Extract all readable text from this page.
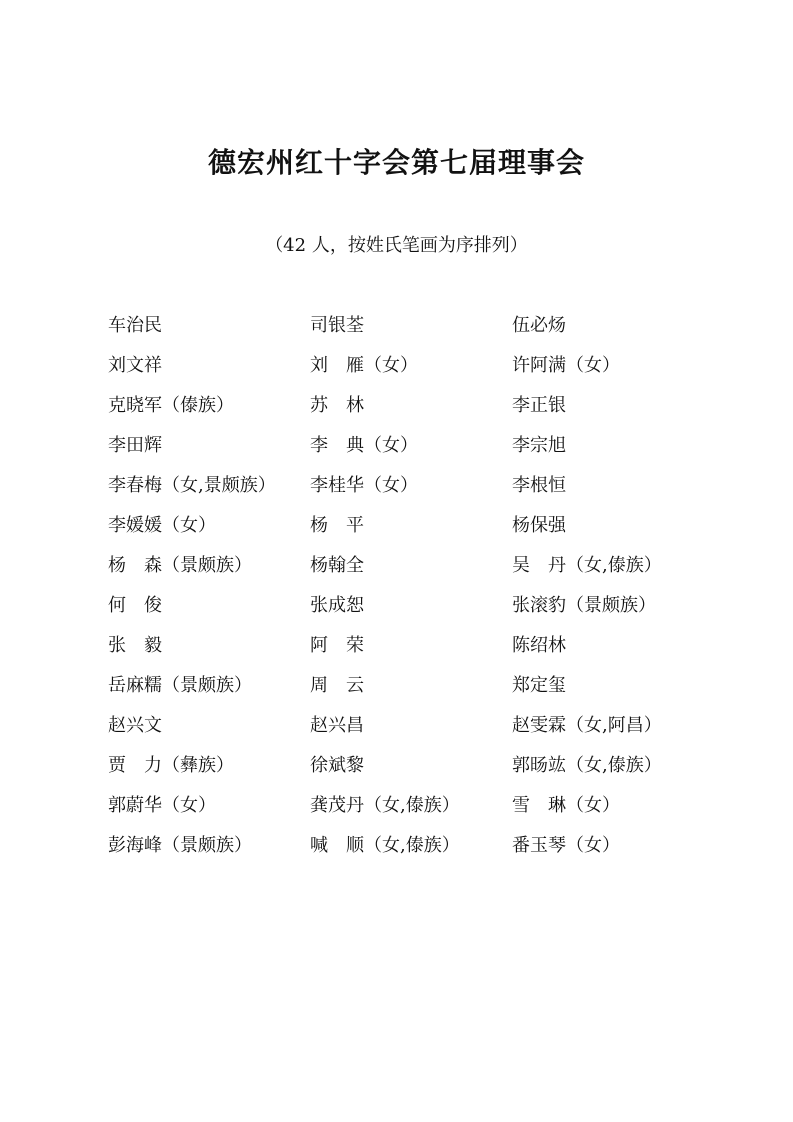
德宏州红十字会第七届理事会
（42 人，按姓氏笔画为序排列）
车治民	司银荃	伍必炀
刘文祥	刘　雁（女）	许阿满（女）
克晓军（傣族）	苏　林	李正银
李田辉	李　典（女）	李宗旭
李春梅（女,景颇族）	李桂华（女）	李根恒
李媛媛（女）	杨　平	杨保强
杨　森（景颇族）	杨翰全	吴　丹（女,傣族）
何　俊	张成恕	张滚豹（景颇族）
张　毅	阿　荣	陈绍林
岳麻糯（景颇族）	周　云	郑定玺
赵兴文	赵兴昌	赵雯霖（女,阿昌）
贾　力（彝族）	徐斌黎	郭旸竑（女,傣族）
郭蔚华（女）	龚茂丹（女,傣族）	雪　琳（女）
彭海峰（景颇族）	喊　顺（女,傣族）	番玉琴（女）
